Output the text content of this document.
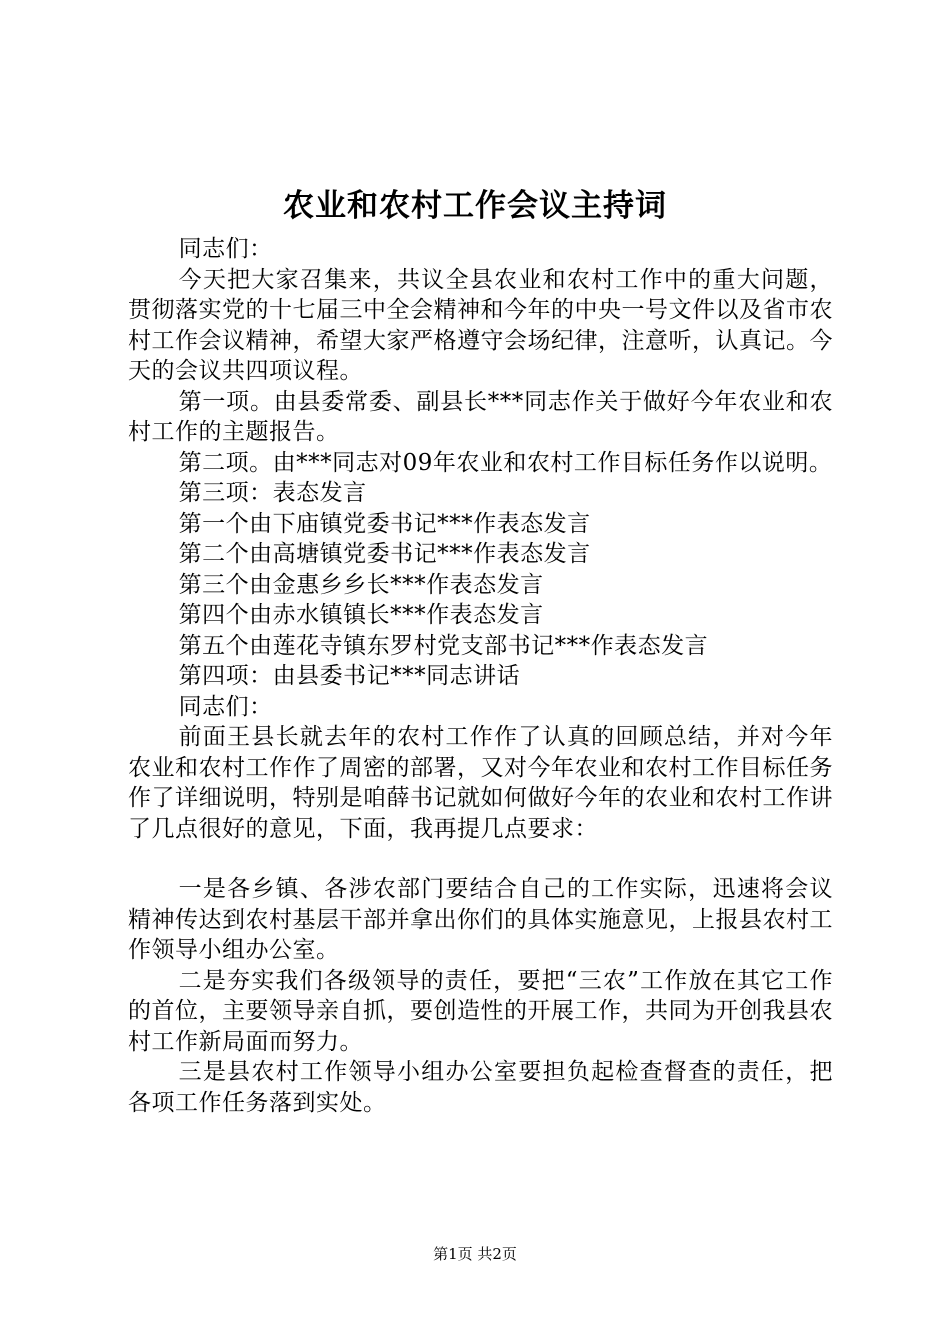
农业和农村工作会议主持词

同志们：

今天把大家召集来，共议全县农业和农村工作中的重大问题，贯彻落实党的十七届三中全会精神和今年的中央一号文件以及省市农村工作会议精神，希望大家严格遵守会场纪律，注意听，认真记。今天的会议共四项议程。

第一项。由县委常委、副县长***同志作关于做好今年农业和农村工作的主题报告。

第二项。由***同志对09年农业和农村工作目标任务作以说明。

第三项：表态发言

第一个由下庙镇党委书记***作表态发言

第二个由高塘镇党委书记***作表态发言

第三个由金惠乡乡长***作表态发言

第四个由赤水镇镇长***作表态发言

第五个由莲花寺镇东罗村党支部书记***作表态发言

第四项：由县委书记***同志讲话

同志们：

前面王县长就去年的农村工作作了认真的回顾总结，并对今年农业和农村工作作了周密的部署，又对今年农业和农村工作目标任务作了详细说明，特别是咱薛书记就如何做好今年的农业和农村工作讲了几点很好的意见，下面，我再提几点要求：

一是各乡镇、各涉农部门要结合自己的工作实际，迅速将会议精神传达到农村基层干部并拿出你们的具体实施意见，上报县农村工作领导小组办公室。

二是夯实我们各级领导的责任，要把“三农”工作放在其它工作的首位，主要领导亲自抓，要创造性的开展工作，共同为开创我县农村工作新局面而努力。

三是县农村工作领导小组办公室要担负起检查督查的责任，把各项工作任务落到实处。

第1页 共2页
